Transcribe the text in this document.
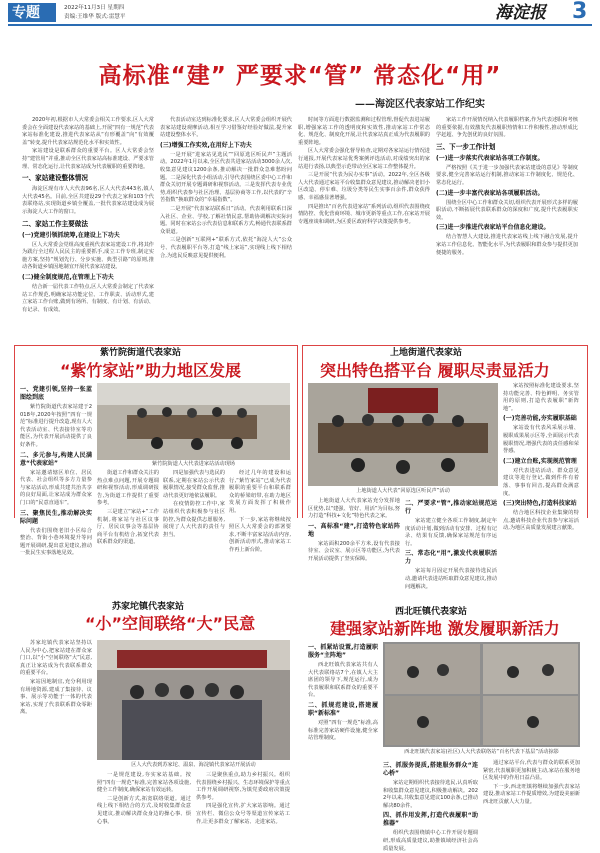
专题	2022年11月3日 星期四
责编:王维华 版式:雷慧平	海淀报 3
高标准“建” 严要求“管” 常态化“用”
——海淀区代表家站工作纪实

2020年初,根据市人大常委会相关工作要求,区人大常委会在全面建设代表家站的基础上,开展“四有一规范”代表家站标准化建设,推进代表家站从“有形覆盖”向“有效覆盖”转变,提升代表家站规范化水平和实效性。

家站建设是联系群众的重要平台。区人大常委会坚持“建管用”并重,推动全区代表家站高标准建设、严要求管理、常态化运行,让代表家站成为代表履职的重要阵地。

一、家站建设整体情况

海淀区现有市人大代表96名,区人大代表443名,镇人大代表45名。目前,全区共建设29个代表之家和103个代表联络站,实现街道乡镇全覆盖,一批代表家站建设成为展示海淀人大工作的窗口。

二、家站工作主要做法
(一)党建引领抓统筹,在建设上下功夫

区人大常委会党组高度重视代表家站建设工作,将其作为践行全过程人民民主的重要抓手,成立工作专班,制定实施方案,坚持“规划先行、分步实施、典型引路”的原则,推动各街道乡镇因地制宜开展代表家站建设。

(二)健全制度规范,在管理上下功夫

结合新一届代表工作特点,区人大常委会制定了代表家站工作规范,明确家站功能定位、工作职责、活动形式,建立家站工作台账,做到有场所、有制度、有计划、有活动、有记录、有成效。

代表活动室达到标准化要求,区人大常委会组织开展代表家站建设观摩活动,相互学习借鉴好经验好做法,提升家站建设整体水平。

(三)增强工作实效,在用好上下功夫

一是开展“进家站见选民”“回原选区听民声”主题活动。2022年1月以来,全区代表共进家站活动3000余人次,收集意见建议1200余条,推动解决一批群众急难愁盼问题。二是深化代表小组活动,引导代表围绕区委中心工作和群众关切开展专题调研和视察活动。三是发挥代表专业优势,组织代表参与社区治理、基层协商等工作,以代表的“辛苦指数”换取群众的“幸福指数”。

二是开展“代表家站联系日”活动。代表利用联系日深入社区、企业、学校,了解社情民意,帮助协调解决实际问题。同时在家站公示代表信息和联系方式,畅通代表联系群众渠道。

三是创新“互联网+”联系方式,依托“海淀人大”公众号、代表履职平台等,打造“线上家站”,实现线上线下相结合,为选民反映意见提供便利。

时间等方面进行数据监测和过程管理,督促代表进站履职,增强家站工作的透明度和实效性,推动家站工作常态化、规范化、制度化开展,让代表家站真正成为代表履职的重要阵地。

区人大常委会强化督导检查,定期对各家站运行情况进行通报,开展代表家站优秀案例评选活动,对成绩突出的家站进行表扬,以典型示范带动全区家站工作整体提升。

三是开展“代表为民办实事”活动。2022年,全区各级人大代表通过家站平台收集群众意见建议,推动解决老旧小区改造、停车难、垃圾分类等民生实事百余件,群众获得感、幸福感显著增强。

四是推出“百名代表进家站”系列活动,组织代表围绕疫情防控、优化营商环境、城市更新等重点工作,在家站开展专题座谈和调研,为区委区政府科学决策提供参考。

家站工作开展情况纳入代表履职档案,作为代表述职和考核的重要依据,有效激发代表履职热情和工作积极性,推动形成比学赶超、争先创优的良好氛围。

三、下一步工作计划
(一)进一步落实代表家站各项工作制度。

严格按照《关于进一步加强代表家站建设的意见》等制度要求,健全完善家站运行机制,推动家站工作制度化、规范化、常态化运行。

(二)进一步丰富代表家站各项履职活动。

围绕全区中心工作和群众关切,组织代表开展形式多样的履职活动,不断拓展代表联系群众的深度和广度,提升代表履职实效。

(三)进一步推进代表家站平台信息化建设。

结合智慧人大建设,推进代表家站线上线下融合发展,提升家站工作信息化、智能化水平,为代表履职和群众参与提供更加便捷的服务。

紫竹院街道代表家站
“紫竹家站”助力地区发展
一、党建引领,坚持一张蓝图绘到底

紫竹院街道代表家站建于2018年,2020年按照“四有一规范”标准进行提升改造,现有人大代表活动室、代表接待室等功能区,为代表开展活动提供了良好条件。

二、多元参与,构建人民满意“代表家站”

家站邀请辖区单位、居民代表、社会组织等多方力量参与家站活动,形成共建共治共享的良好局面,让家站成为群众家门口的“民意直通车”。

三、聚焦民生,推动解决实际问题

代表们围绕老旧小区综合整治、背街小巷环境提升等问题开展调研,提出意见建议,推动一批民生实事落地见效。

紫竹院街道人大代表进家站活动现场

街道工作和群众关注的热点难点问题,开展专题调研和视察活动,形成调研报告,为街道工作提供了重要参考。

三是建立“家站+”工作机制,将家站与社区议事厅、居民议事会等基层协商平台有机结合,拓宽代表联系群众的渠道。

四是加强代表与选民的联系,定期在家站公示代表履职情况,接受群众监督,推动代表更好地依法履职。

在疫情防控工作中,家站组织代表积极参与社区防控,为群众提供志愿服务,展现了人大代表的责任与担当。

经过几年的建设和运行,“紫竹家站”已成为代表履职的重要平台和联系群众的桥梁纽带,在助力地区发展方面发挥了积极作用。

下一步,家站将继续按照区人大常委会的部署要求,不断丰富家站活动内容,创新活动形式,推动家站工作再上新台阶。

苏家坨镇代表家站
“小”空间联络“大”民意

苏家坨镇代表家站坚持以人民为中心,把家站建在群众家门口,以“小”空间联络“大”民意,真正让家站成为代表联系群众的重要平台。

家站因地制宜,充分利用现有场地资源,建成了集接待、议事、展示等功能于一体的代表家站,实现了代表联系群众零距离。

区人大代表到苏家坨、温泉、海淀镇代表家站开展活动

一是规范建设,夯实家站基础。按照“四有一规范”标准,完善家站各项设施,健全工作制度,确保家站有效运转。

二是创新方式,拓宽联络渠道。通过线上线下相结合的方式,及时收集群众意见建议,推动解决群众身边的操心事、烦心事。

三是聚焦重点,助力乡村振兴。组织代表围绕乡村振兴、生态环境保护等重点工作开展调研视察,为镇党委政府决策提供参考。

四是强化宣传,扩大家站影响。通过宣传栏、微信公众号等渠道宣传家站工作,让更多群众了解家站、走进家站。

上地街道代表家站
突出特色搭平台 履职尽责显活力
上地街道人大代表“回原选区听民声”活动

上地街道人大代表家站充分发挥地区优势,以“建强、管好、用活”为目标,努力打造“科技+文化”特色代表之家。

一、高标准“建”,打造特色家站阵地

家站面积200余平方米,设有代表接待室、会议室、展示区等功能区,为代表开展活动提供了坚实保障。

二、严要求“管”,推动家站规范运行

家站建立健全各项工作制度,制定年度活动计划,做到活动有安排、过程有记录、结果有反馈,确保家站规范有序运行。

三、常态化“用”,激发代表履职活力

家站每月固定开展代表接待选民活动,邀请代表进站听取群众意见建议,推动问题解决。

家站按照标准化建设要求,坚持功能完善、特色鲜明、务实管用的原则,打造代表履职“新阵地”。

(一)完善功能,夯实履职基础

家站设有代表风采展示墙、履职成果展示区等,全面展示代表履职情况,增强代表的责任感和荣誉感。

(二)建立台账,实现规范管理

对代表进站活动、群众意见建议等进行登记,做到件件有着落、事事有回音,提高群众满意度。

(三)突出特色,打造科技家站

结合地区科技企业集聚的特点,邀请科技企业代表参与家站活动,为地区高质量发展建言献策。

西北旺镇代表家站
建强家站新阵地 激发履职新活力
一、抓紧站设置,打造履职服务“主阵地”

西北旺镇代表家站共有人大代表联络站7个,在镇人大主席团的领导下,规范运行,成为代表履职和联系群众的重要平台。

二、抓规范建设,搭建履职“新标准”

对照“四有一规范”标准,高标准完善家站硬件设施,健全家站管理制度。

西北旺镇代表家站(社区)人大代表联络站“百名代表下基层”活动掠影
三、抓服务提质,搭建服务群众“连心桥”

家站定期组织代表接待选民,认真听取和收集群众意见建议,积极推动解决。2022年以来,共收集意见建议100余条,已推动解决80余件。

四、抓作用发挥,打造代表履职“助推器”

组织代表围绕镇中心工作开展专题调研,形成高质量建议,助推镇域经济社会高质量发展。

通过家站平台,代表与群众的联系更加紧密,代表履职更加积极主动,家站在服务地区发展中的作用日益凸显。

下一步,西北旺镇将继续加强代表家站建设,推动家站工作提质增效,为建设美丽新西北旺贡献人大力量。
